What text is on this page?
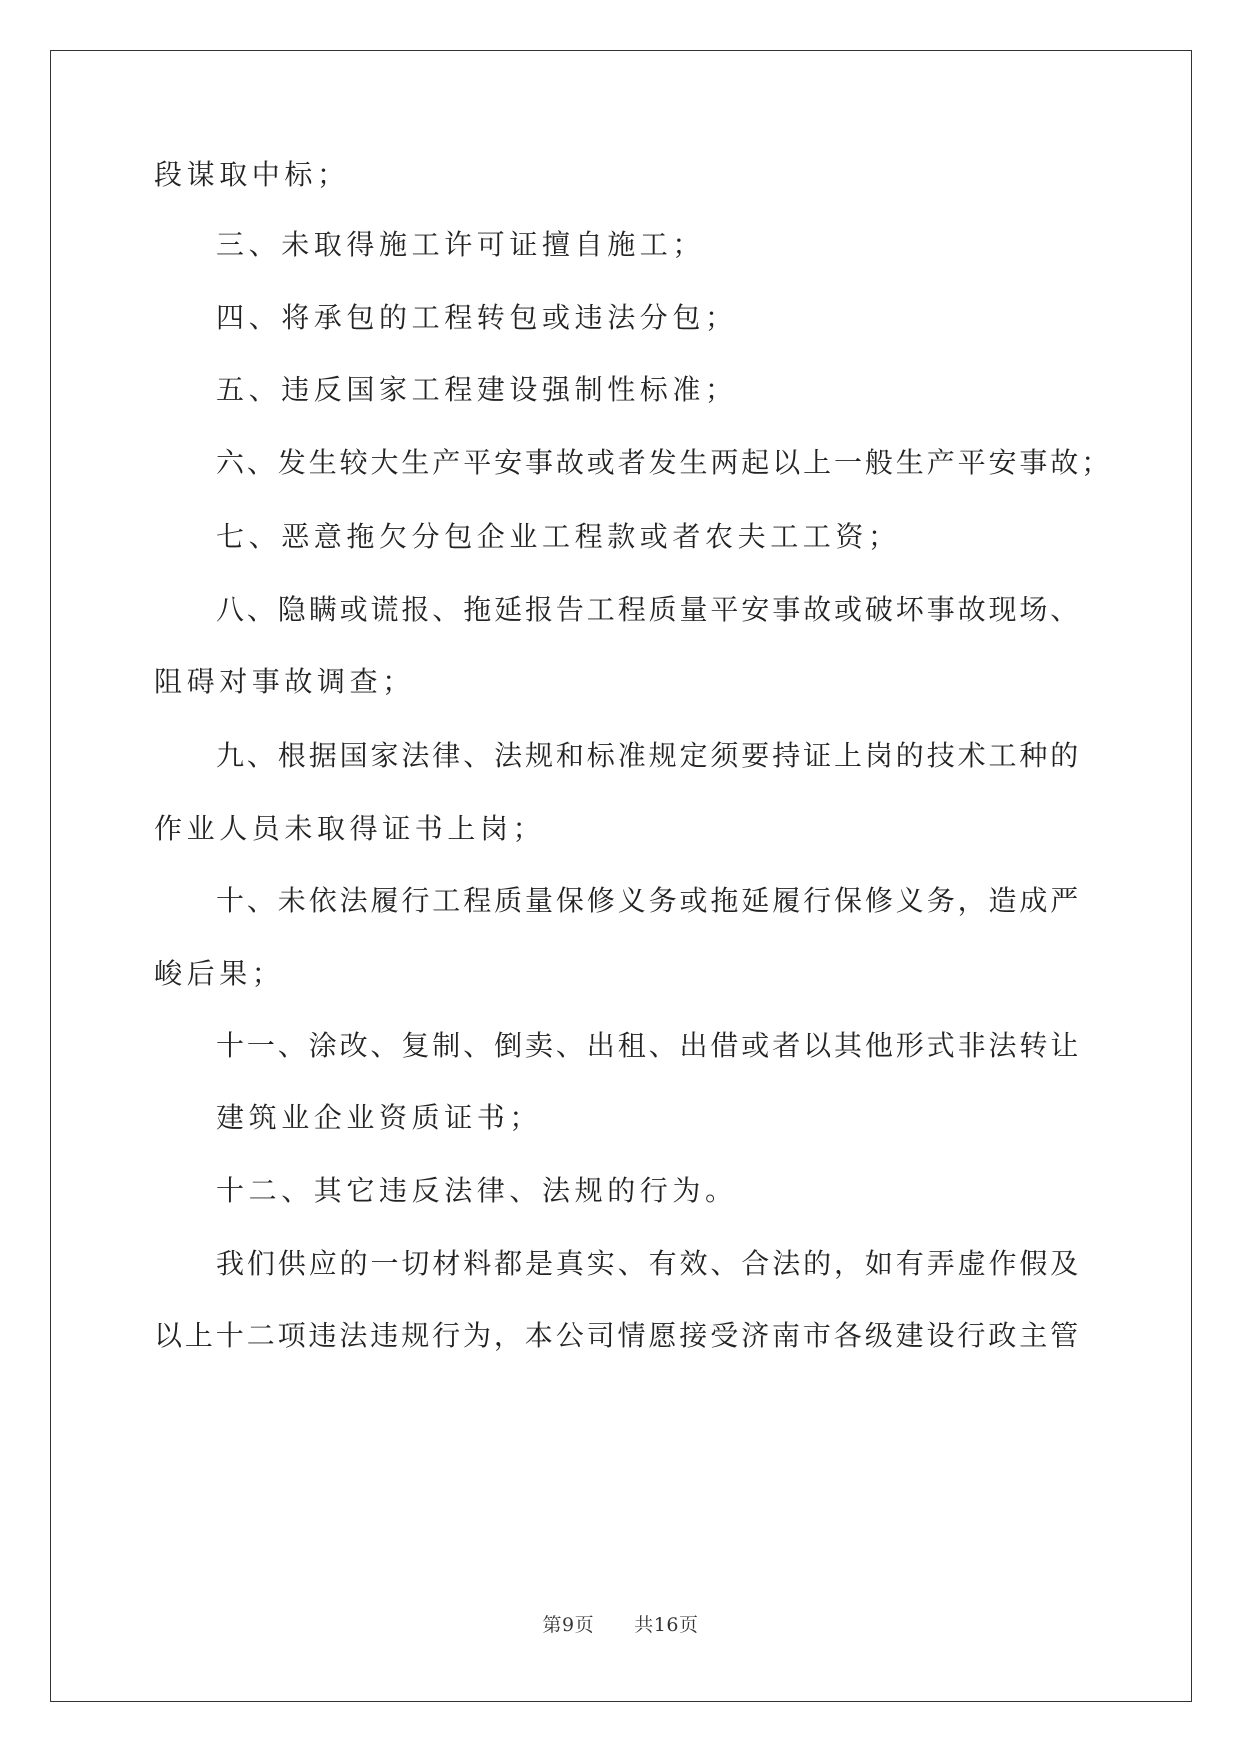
段谋取中标；
三、未取得施工许可证擅自施工；
四、将承包的工程转包或违法分包；
五、违反国家工程建设强制性标准；
六、发生较大生产平安事故或者发生两起以上一般生产平安事故；
七、恶意拖欠分包企业工程款或者农夫工工资；
八、隐瞒或谎报、拖延报告工程质量平安事故或破坏事故现场、
阻碍对事故调查；
九、根据国家法律、法规和标准规定须要持证上岗的技术工种的
作业人员未取得证书上岗；
十、未依法履行工程质量保修义务或拖延履行保修义务，造成严
峻后果；
十一、涂改、复制、倒卖、出租、出借或者以其他形式非法转让
建筑业企业资质证书；
十二、其它违反法律、法规的行为。
我们供应的一切材料都是真实、有效、合法的，如有弄虚作假及
以上十二项违法违规行为，本公司情愿接受济南市各级建设行政主管
第9页 共16页
